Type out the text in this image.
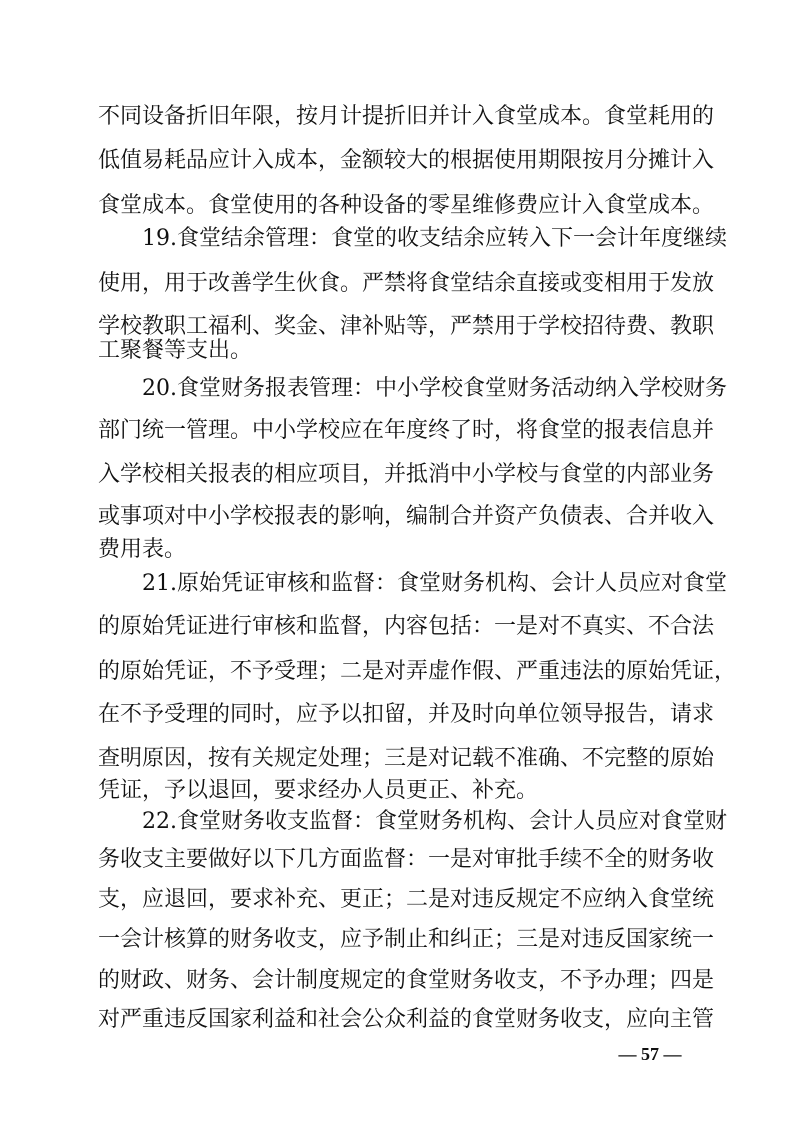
不同设备折旧年限，按月计提折旧并计入食堂成本。食堂耗用的
低值易耗品应计入成本，金额较大的根据使用期限按月分摊计入
食堂成本。食堂使用的各种设备的零星维修费应计入食堂成本。
19.食堂结余管理：食堂的收支结余应转入下一会计年度继续
使用，用于改善学生伙食。严禁将食堂结余直接或变相用于发放
学校教职工福利、奖金、津补贴等，严禁用于学校招待费、教职
工聚餐等支出。
20.食堂财务报表管理：中小学校食堂财务活动纳入学校财务
部门统一管理。中小学校应在年度终了时，将食堂的报表信息并
入学校相关报表的相应项目，并抵消中小学校与食堂的内部业务
或事项对中小学校报表的影响，编制合并资产负债表、合并收入
费用表。
21.原始凭证审核和监督：食堂财务机构、会计人员应对食堂
的原始凭证进行审核和监督，内容包括：一是对不真实、不合法
的原始凭证，不予受理；二是对弄虚作假、严重违法的原始凭证，
在不予受理的同时，应予以扣留，并及时向单位领导报告，请求
查明原因，按有关规定处理；三是对记载不准确、不完整的原始
凭证，予以退回，要求经办人员更正、补充。
22.食堂财务收支监督：食堂财务机构、会计人员应对食堂财
务收支主要做好以下几方面监督：一是对审批手续不全的财务收
支，应退回，要求补充、更正；二是对违反规定不应纳入食堂统
一会计核算的财务收支，应予制止和纠正；三是对违反国家统一
的财政、财务、会计制度规定的食堂财务收支，不予办理；四是
对严重违反国家利益和社会公众利益的食堂财务收支，应向主管
— 57 —
